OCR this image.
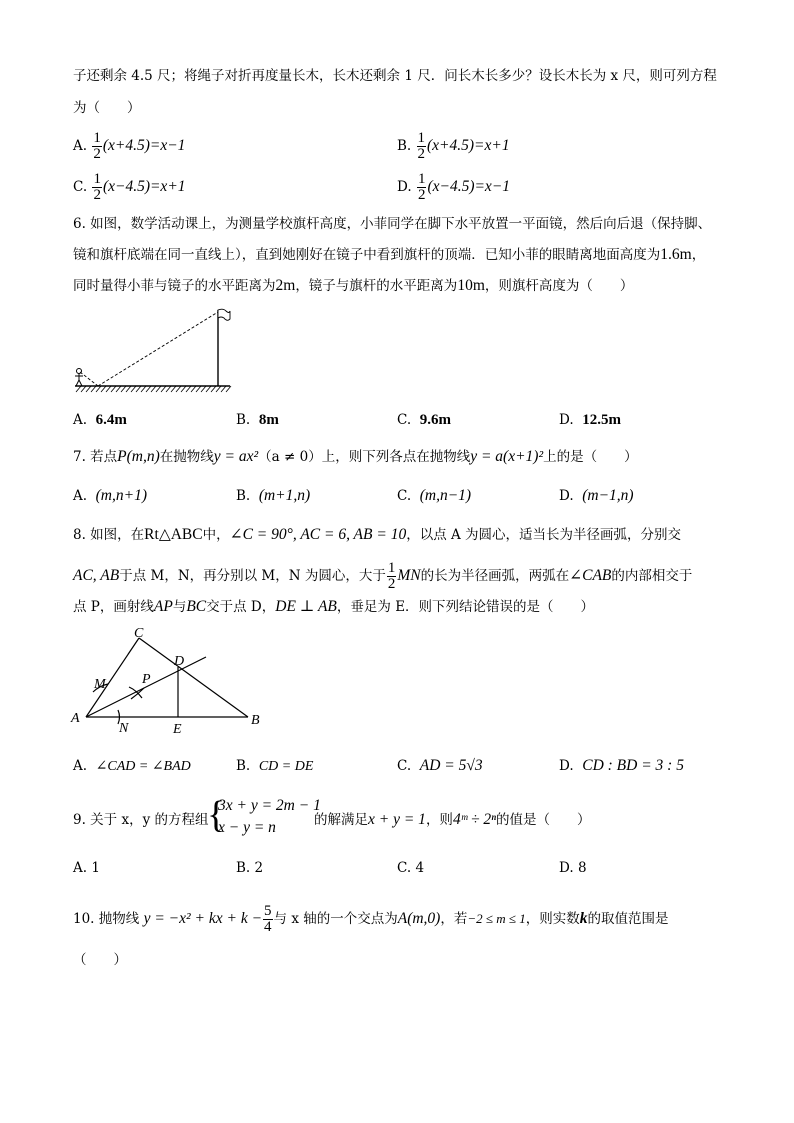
子还剩余 4.5 尺；将绳子对折再度量长木，长木还剩余 1 尺．问长木长多少？设长木长为 x 尺，则可列方程
为（　　）
A. $\frac{1}{2} (x+4.5)=x-1$	B. $\frac{1}{2} (x+4.5)=x+1$
C. $\frac{1}{2} (x-4.5)=x+1$	D. $\frac{1}{2} (x-4.5)=x-1$
6. 如图，数学活动课上，为测量学校旗杆高度，小菲同学在脚下水平放置一平面镜，然后向后退（保持脚、
镜和旗杆底端在同一直线上），直到她刚好在镜子中看到旗杆的顶端．已知小菲的眼睛离地面高度为1.6m，
同时量得小菲与镜子的水平距离为2m，镜子与旗杆的水平距离为10m，则旗杆高度为（　　）
A. 6.4m	B. 8m	C. 9.6m	D. 12.5m
7. 若点P(m,n)在抛物线y = ax²（a ≠ 0）上，则下列各点在抛物线y = a(x+1)²上的是（　　）
A. (m,n+1)	B. (m+1,n)	C. (m,n−1)	D. (m−1,n)
8. 如图，在Rt△ABC中，∠C = 90°, AC = 6, AB = 10，以点 A 为圆心，适当长为半径画弧，分别交
AC, AB于点 M，N，再分别以 M，N 为圆心，大于 $\frac{1}{2}$ MN的长为半径画弧，两弧在∠CAB的内部相交于
点 P，画射线AP与BC交于点 D，DE ⊥ AB，垂足为 E．则下列结论错误的是（　　）
C
D
M	P
A
N	E
B
A. ∠CAD = ∠BAD	B. CD = DE	C. AD = 5√3	D. CD : BD = 3 : 5
9. 关于 x，y 的方程组
{
3x + y = 2m − 1
x − y = n	的解满足x + y = 1，则4ᵐ ÷ 2ⁿ的值是（　　）
A. 1	B. 2	C. 4	D. 8
10. 抛物线 y = −x² + kx + $k - \frac{5}{4}$ 与 x 轴的一个交点为A(m,0)，若−2 ≤ m ≤ 1，则实数k的取值范围是
（　　）
